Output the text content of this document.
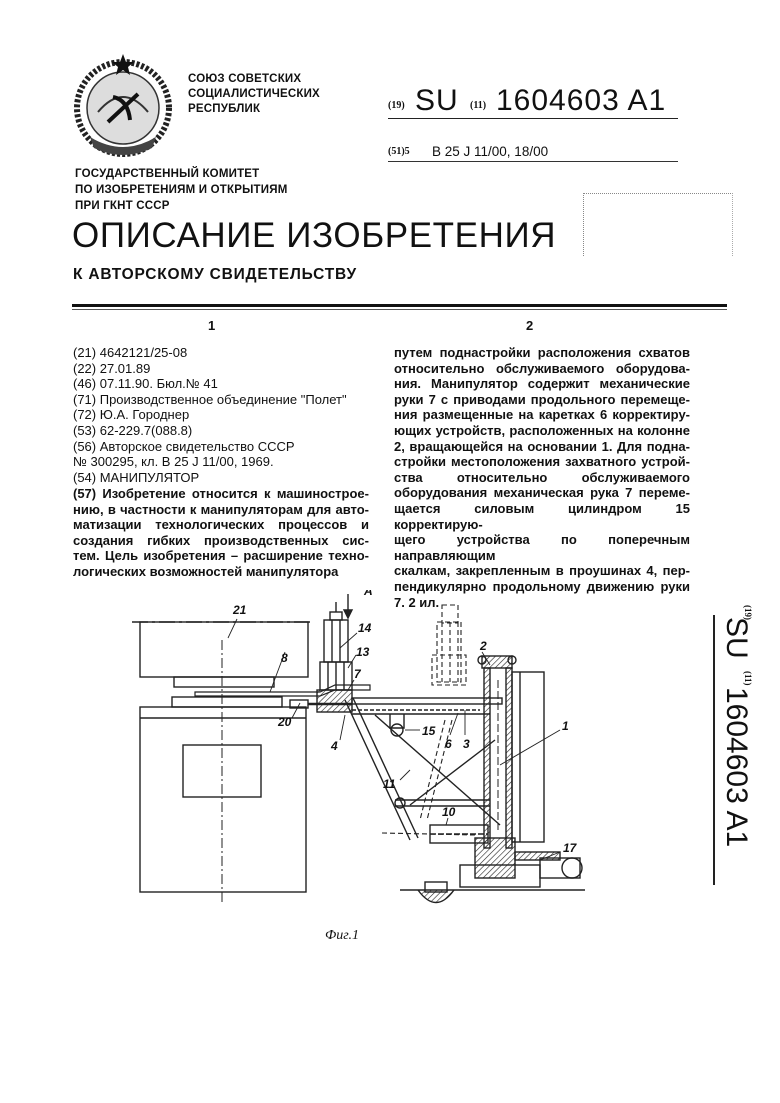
СОЮЗ СОВЕТСКИХ
СОЦИАЛИСТИЧЕСКИХ
РЕСПУБЛИК
ГОСУДАРСТВЕННЫЙ КОМИТЕТ
ПО ИЗОБРЕТЕНИЯМ И ОТКРЫТИЯМ
ПРИ ГКНТ СССР
(19) SU (11) 1604603 A1
(51)5 B 25 J 11/00, 18/00
ОПИСАНИЕ ИЗОБРЕТЕНИЯ
К АВТОРСКОМУ СВИДЕТЕЛЬСТВУ
1	2
(21) 4642121/25-08
(22) 27.01.89
(46) 07.11.90. Бюл.№ 41
(71) Производственное объединение "Полет"
(72) Ю.А. Городнер
(53) 62-229.7(088.8)
(56) Авторское свидетельство СССР
№ 300295, кл. B 25 J 11/00, 1969.
(54) МАНИПУЛЯТОР
(57) Изобретение относится к машинострое-
нию, в частности к манипуляторам для авто-
матизации технологических процессов и
создания гибких производственных сис-
тем. Цель изобретения – расширение техно-
логических возможностей манипулятора
путем поднастройки расположения схватов
относительно обслуживаемого оборудова-
ния. Манипулятор содержит механические
руки 7 с приводами продольного перемеще-
ния размещенные на каретках 6 корректиру-
ющих устройств, расположенных на колонне
2, вращающейся на основании 1. Для подна-
стройки местоположения захватного устрой-
ства относительно обслуживаемого
оборудования механическая рука 7 переме-
щается силовым цилиндром 15 корректирую-
щего устройства по поперечным направляющим
скалкам, закрепленным в проушинах 4, пер-
пендикулярно продольному движению руки
7. 2 ил.
(19)
SU
(11)
1604603 A1
21
A
14
13
8
7
20
4
15
6 3
2
1
11
10
17
Фиг.1
